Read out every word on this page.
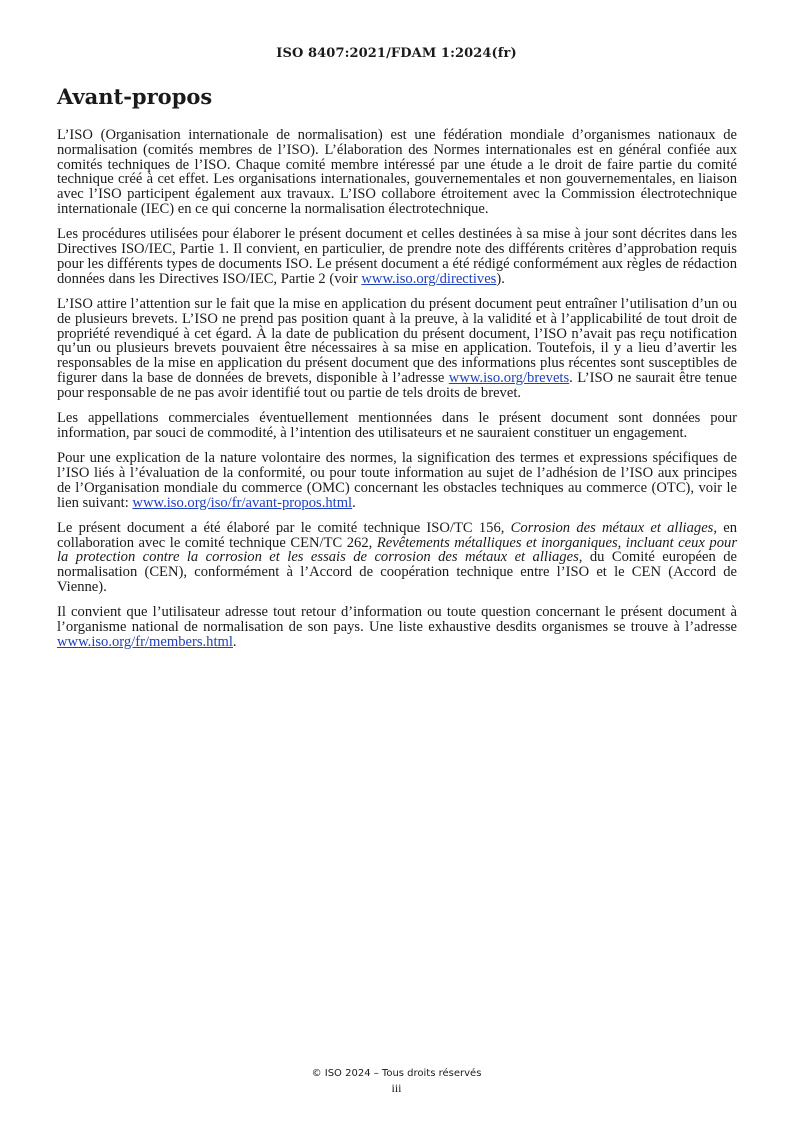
ISO 8407:2021/FDAM 1:2024(fr)
Avant-propos

L’ISO (Organisation internationale de normalisation) est une fédération mondiale d’organismes nationaux de normalisation (comités membres de l’ISO). L’élaboration des Normes internationales est en général confiée aux comités techniques de l’ISO. Chaque comité membre intéressé par une étude a le droit de faire partie du comité technique créé à cet effet. Les organisations internationales, gouvernementales et non gouvernementales, en liaison avec l’ISO participent également aux travaux. L’ISO collabore étroitement avec la Commission électrotechnique internationale (IEC) en ce qui concerne la normalisation électrotechnique.

Les procédures utilisées pour élaborer le présent document et celles destinées à sa mise à jour sont décrites dans les Directives ISO/IEC, Partie 1. Il convient, en particulier, de prendre note des différents critères d’approbation requis pour les différents types de documents ISO. Le présent document a été rédigé conformément aux règles de rédaction données dans les Directives ISO/IEC, Partie 2 (voir www.iso.org/directives).

L’ISO attire l’attention sur le fait que la mise en application du présent document peut entraîner l’utilisation d’un ou de plusieurs brevets. L’ISO ne prend pas position quant à la preuve, à la validité et à l’applicabilité de tout droit de propriété revendiqué à cet égard. À la date de publication du présent document, l’ISO n’avait pas reçu notification qu’un ou plusieurs brevets pouvaient être nécessaires à sa mise en application. Toutefois, il y a lieu d’avertir les responsables de la mise en application du présent document que des informations plus récentes sont susceptibles de figurer dans la base de données de brevets, disponible à l’adresse www.iso.org/brevets. L’ISO ne saurait être tenue pour responsable de ne pas avoir identifié tout ou partie de tels droits de brevet.

Les appellations commerciales éventuellement mentionnées dans le présent document sont données pour information, par souci de commodité, à l’intention des utilisateurs et ne sauraient constituer un engagement.

Pour une explication de la nature volontaire des normes, la signification des termes et expressions spécifiques de l’ISO liés à l’évaluation de la conformité, ou pour toute information au sujet de l’adhésion de l’ISO aux principes de l’Organisation mondiale du commerce (OMC) concernant les obstacles techniques au commerce (OTC), voir le lien suivant: www.iso.org/iso/fr/avant-propos.html.

Le présent document a été élaboré par le comité technique ISO/TC 156, Corrosion des métaux et alliages, en collaboration avec le comité technique CEN/TC 262, Revêtements métalliques et inorganiques, incluant ceux pour la protection contre la corrosion et les essais de corrosion des métaux et alliages, du Comité européen de normalisation (CEN), conformément à l’Accord de coopération technique entre l’ISO et le CEN (Accord de Vienne).

Il convient que l’utilisateur adresse tout retour d’information ou toute question concernant le présent document à l’organisme national de normalisation de son pays. Une liste exhaustive desdits organismes se trouve à l’adresse www.iso.org/fr/members.html.

© ISO 2024 – Tous droits réservés
iii
